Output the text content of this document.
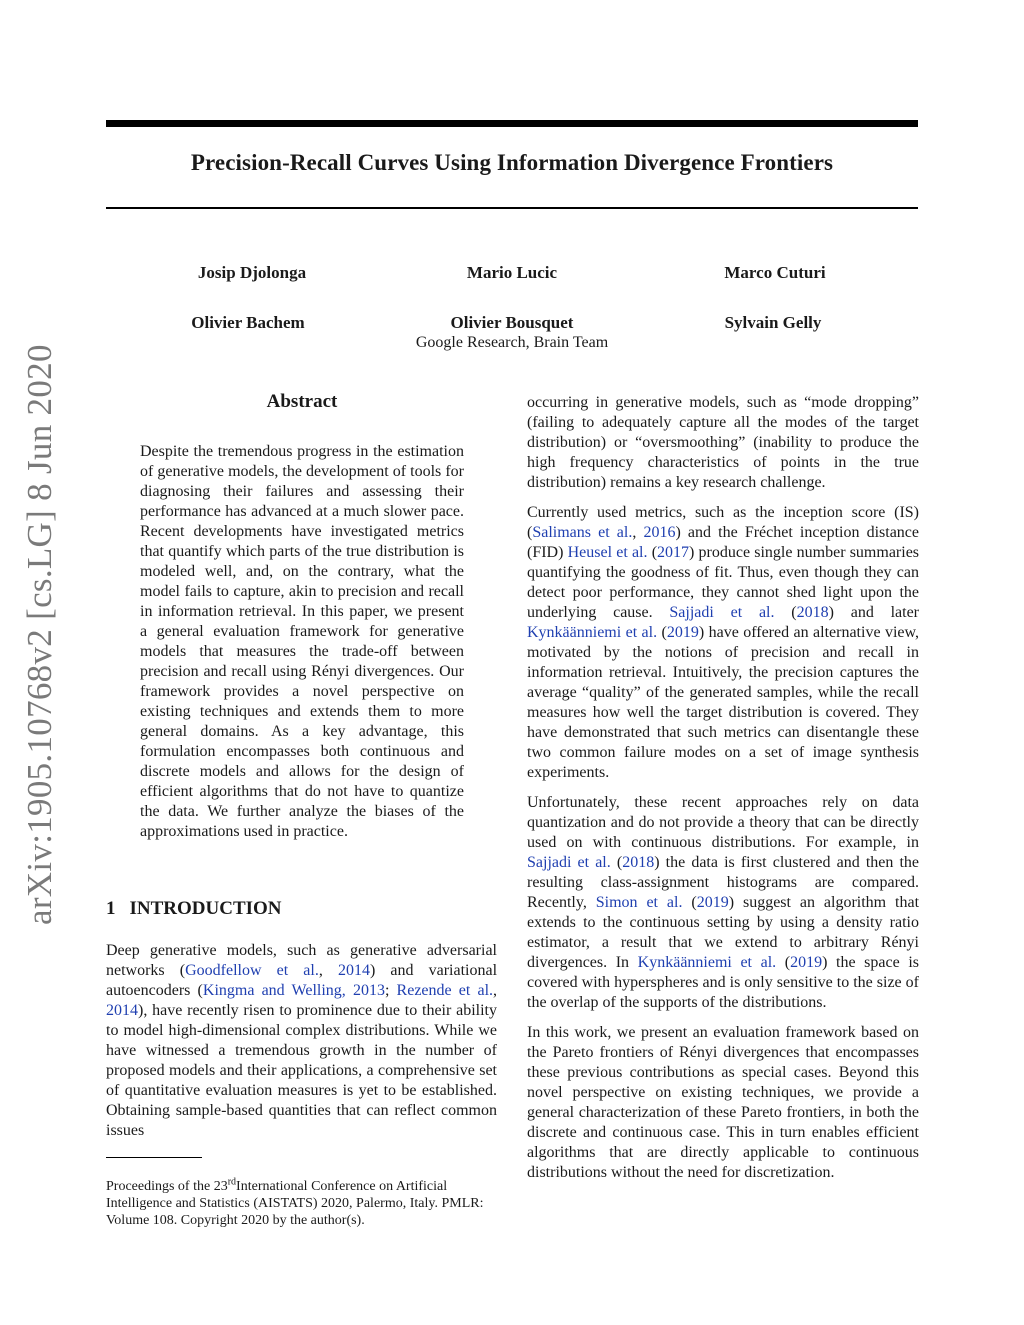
arXiv:1905.10768v2 [cs.LG] 8 Jun 2020
Precision-Recall Curves Using Information Divergence Frontiers
Josip Djolonga	Mario Lucic	Marco Cuturi
Olivier Bachem	Olivier Bousquet	Sylvain Gelly
Google Research, Brain Team
Abstract

Despite the tremendous progress in the estimation of generative models, the development of tools for diagnosing their failures and assessing their performance has advanced at a much slower pace. Recent developments have investigated metrics that quantify which parts of the true distribution is modeled well, and, on the contrary, what the model fails to capture, akin to precision and recall in information retrieval. In this paper, we present a general evaluation framework for generative models that measures the trade-off between precision and recall using Rényi divergences. Our framework provides a novel perspective on existing techniques and extends them to more general domains. As a key advantage, this formulation encompasses both continuous and discrete models and allows for the design of efficient algorithms that do not have to quantize the data. We further analyze the biases of the approximations used in practice.

1 INTRODUCTION

Deep generative models, such as generative adversarial networks (Goodfellow et al., 2014) and variational autoencoders (Kingma and Welling, 2013; Rezende et al., 2014), have recently risen to prominence due to their ability to model high-dimensional complex distributions. While we have witnessed a tremendous growth in the number of proposed models and their applications, a comprehensive set of quantitative evaluation measures is yet to be established. Obtaining sample-based quantities that can reflect common issues

Proceedings of the 23rdInternational Conference on Artificial Intelligence and Statistics (AISTATS) 2020, Palermo, Italy. PMLR: Volume 108. Copyright 2020 by the author(s).

occurring in generative models, such as “mode dropping” (failing to adequately capture all the modes of the target distribution) or “oversmoothing” (inability to produce the high frequency characteristics of points in the true distribution) remains a key research challenge.

Currently used metrics, such as the inception score (IS) (Salimans et al., 2016) and the Fréchet inception distance (FID) Heusel et al. (2017) produce single number summaries quantifying the goodness of fit. Thus, even though they can detect poor performance, they cannot shed light upon the underlying cause. Sajjadi et al. (2018) and later Kynkäänniemi et al. (2019) have offered an alternative view, motivated by the notions of precision and recall in information retrieval. Intuitively, the precision captures the average “quality” of the generated samples, while the recall measures how well the target distribution is covered. They have demonstrated that such metrics can disentangle these two common failure modes on a set of image synthesis experiments.

Unfortunately, these recent approaches rely on data quantization and do not provide a theory that can be directly used on with continuous distributions. For example, in Sajjadi et al. (2018) the data is first clustered and then the resulting class-assignment histograms are compared. Recently, Simon et al. (2019) suggest an algorithm that extends to the continuous setting by using a density ratio estimator, a result that we extend to arbitrary Rényi divergences. In Kynkäänniemi et al. (2019) the space is covered with hyperspheres and is only sensitive to the size of the overlap of the supports of the distributions.

In this work, we present an evaluation framework based on the Pareto frontiers of Rényi divergences that encompasses these previous contributions as special cases. Beyond this novel perspective on existing techniques, we provide a general characterization of these Pareto frontiers, in both the discrete and continuous case. This in turn enables efficient algorithms that are directly applicable to continuous distributions without the need for discretization.
